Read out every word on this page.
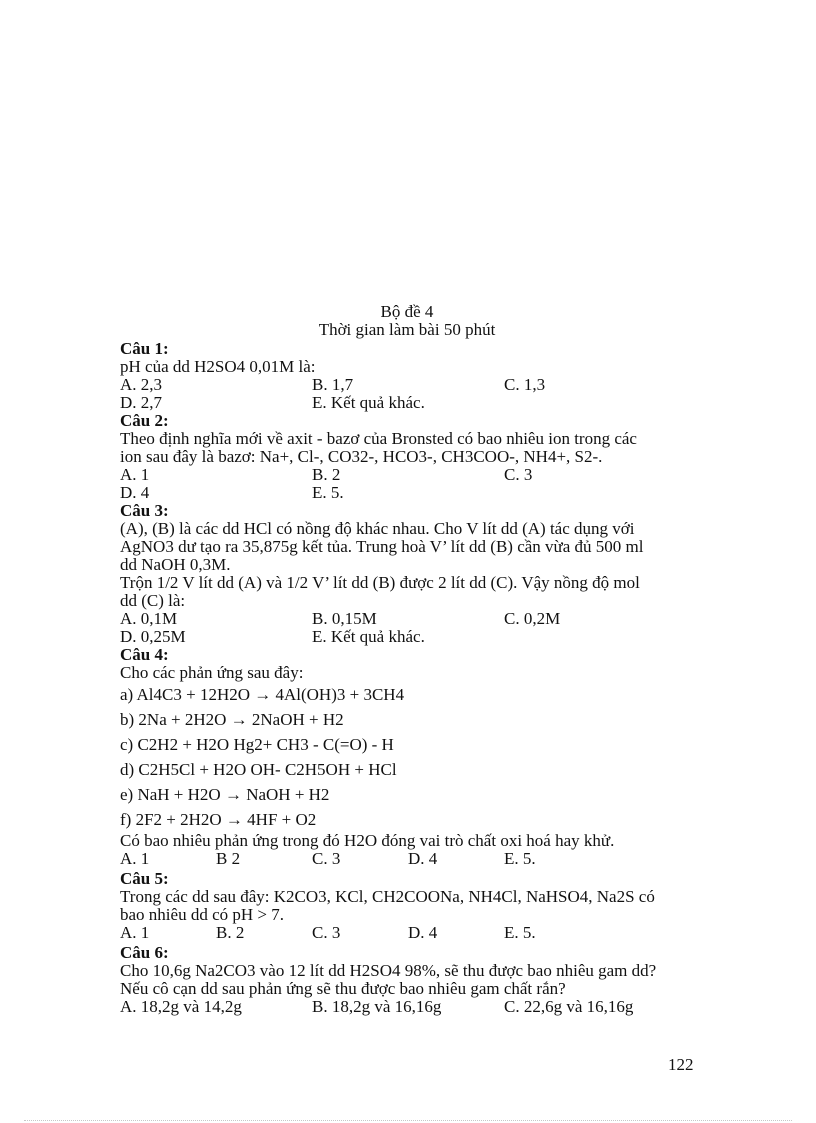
Bộ đề 4
Thời gian làm bài 50 phút
Câu 1:
pH của dd H2SO4 0,01M là:
A. 2,3	B. 1,7	C. 1,3
D. 2,7	E. Kết quả khác.
Câu 2:
Theo định nghĩa mới về axit - bazơ của Bronsted có bao nhiêu ion trong các
ion sau đây là bazơ: Na+, Cl-, CO32-, HCO3-, CH3COO-, NH4+, S2-.
A. 1	B. 2	C. 3
D. 4	E. 5.
Câu 3:
(A), (B) là các dd HCl có nồng độ khác nhau. Cho V lít dd (A) tác dụng với
AgNO3 dư tạo ra 35,875g kết tủa. Trung hoà V’ lít dd (B) cần vừa đủ 500 ml
dd NaOH 0,3M.
Trộn 1/2 V lít dd (A) và 1/2 V’ lít dd (B) được 2 lít dd (C). Vậy nồng độ mol
dd (C) là:
A. 0,1M	B. 0,15M	C. 0,2M
D. 0,25M	E. Kết quả khác.
Câu 4:
Cho các phản ứng sau đây:
a) Al4C3 + 12H2O → 4Al(OH)3 + 3CH4
b) 2Na + 2H2O → 2NaOH + H2
c) C2H2 + H2O Hg2+ CH3 - C(=O) - H
d) C2H5Cl + H2O OH- C2H5OH + HCl
e) NaH + H2O → NaOH + H2
f) 2F2 + 2H2O → 4HF + O2
Có bao nhiêu phản ứng trong đó H2O đóng vai trò chất oxi hoá hay khử.
A. 1	B 2	C. 3	D. 4	E. 5.
Câu 5:
Trong các dd sau đây: K2CO3, KCl, CH2COONa, NH4Cl, NaHSO4, Na2S có
bao nhiêu dd có pH > 7.
A. 1	B. 2	C. 3	D. 4	E. 5.
Câu 6:
Cho 10,6g Na2CO3 vào 12 lít dd H2SO4 98%, sẽ thu được bao nhiêu gam dd?
Nếu cô cạn dd sau phản ứng sẽ thu được bao nhiêu gam chất rắn?
A. 18,2g và 14,2g	B. 18,2g và 16,16g	C. 22,6g và 16,16g
122
